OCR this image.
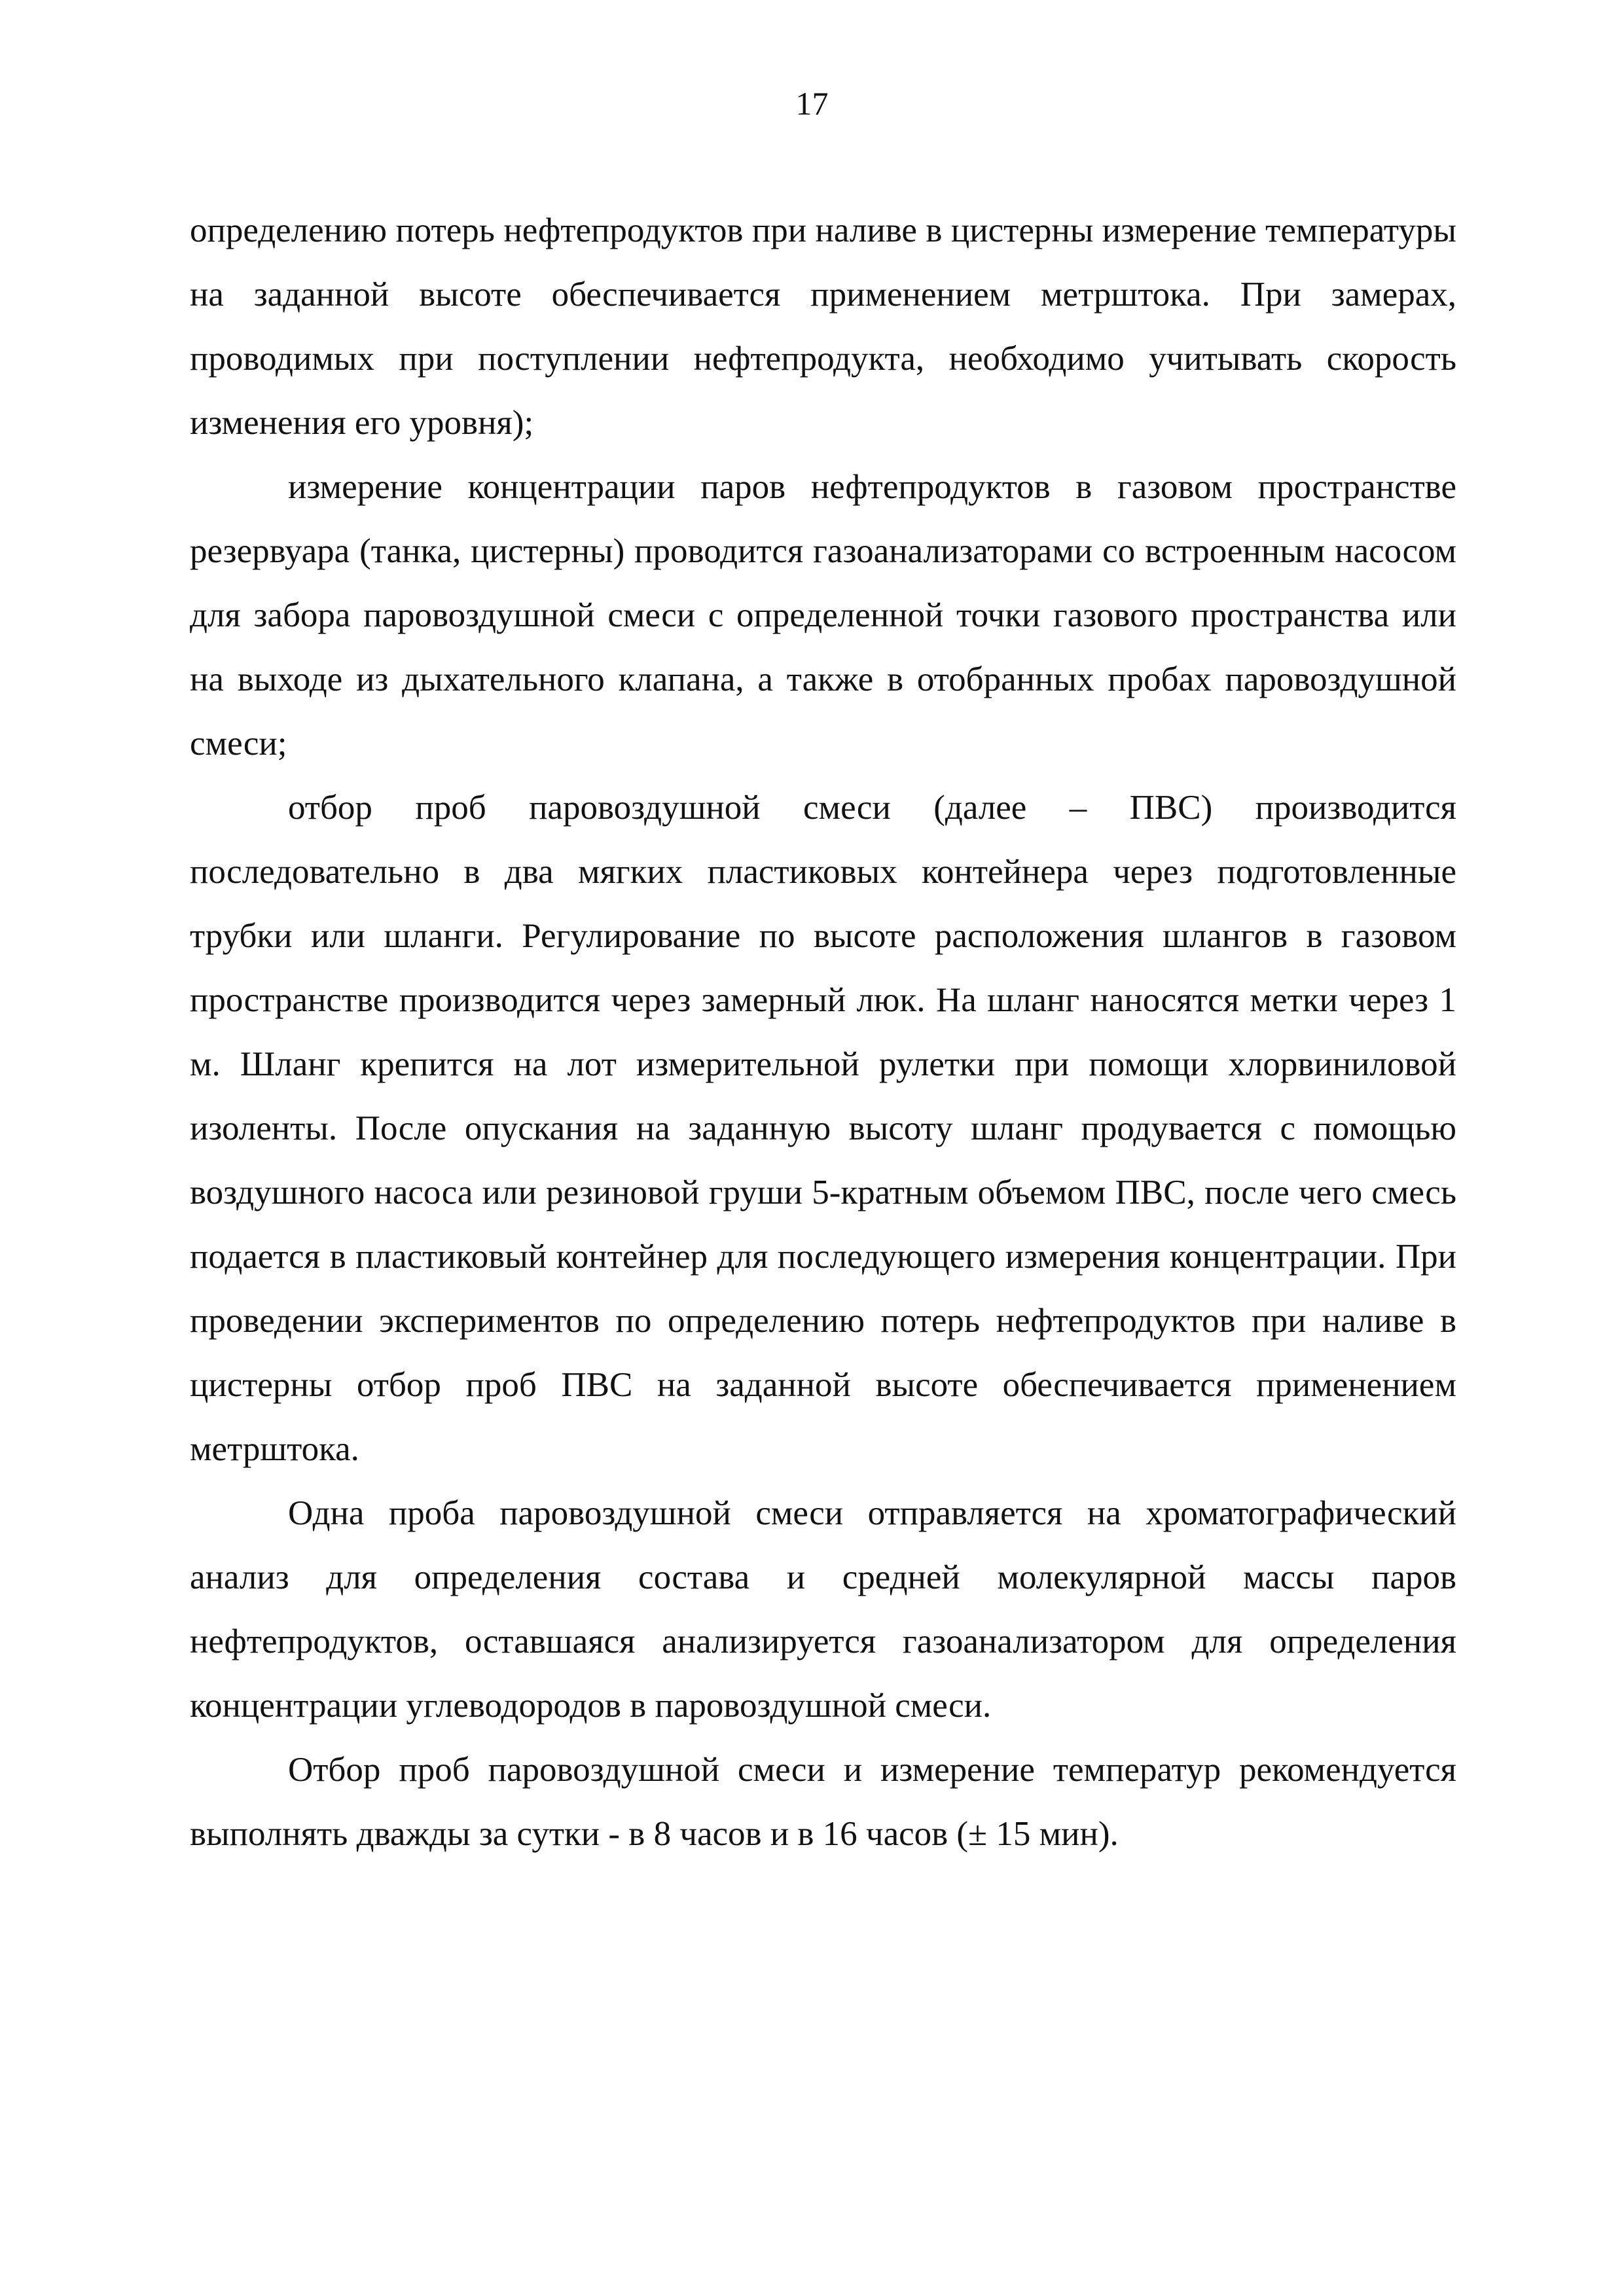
17

определению потерь нефтепродуктов при наливе в цистерны измерение температуры на заданной высоте обеспечивается применением метрштока. При замерах, проводимых при поступлении нефтепродукта, необходимо учитывать скорость изменения его уровня);

измерение концентрации паров нефтепродуктов в газовом пространстве резервуара (танка, цистерны) проводится газоанализаторами со встроенным насосом для забора паровоздушной смеси с определенной точки газового пространства или на выходе из дыхательного клапана, а также в отобранных пробах паровоздушной смеси;

отбор проб паровоздушной смеси (далее – ПВС) производится последовательно в два мягких пластиковых контейнера через подготовленные трубки или шланги. Регулирование по высоте расположения шлангов в газовом пространстве производится через замерный люк. На шланг наносятся метки через 1 м. Шланг крепится на лот измерительной рулетки при помощи хлорвиниловой изоленты. После опускания на заданную высоту шланг продувается с помощью воздушного насоса или резиновой груши 5-кратным объемом ПВС, после чего смесь подается в пластиковый контейнер для последующего измерения концентрации. При проведении экспериментов по определению потерь нефтепродуктов при наливе в цистерны отбор проб ПВС на заданной высоте обеспечивается применением метрштока.

Одна проба паровоздушной смеси отправляется на хроматографический анализ для определения состава и средней молекулярной массы паров нефтепродуктов, оставшаяся анализируется газоанализатором для определения концентрации углеводородов в паровоздушной смеси.

Отбор проб паровоздушной смеси и измерение температур рекомендуется выполнять дважды за сутки - в 8 часов и в 16 часов (± 15 мин).
